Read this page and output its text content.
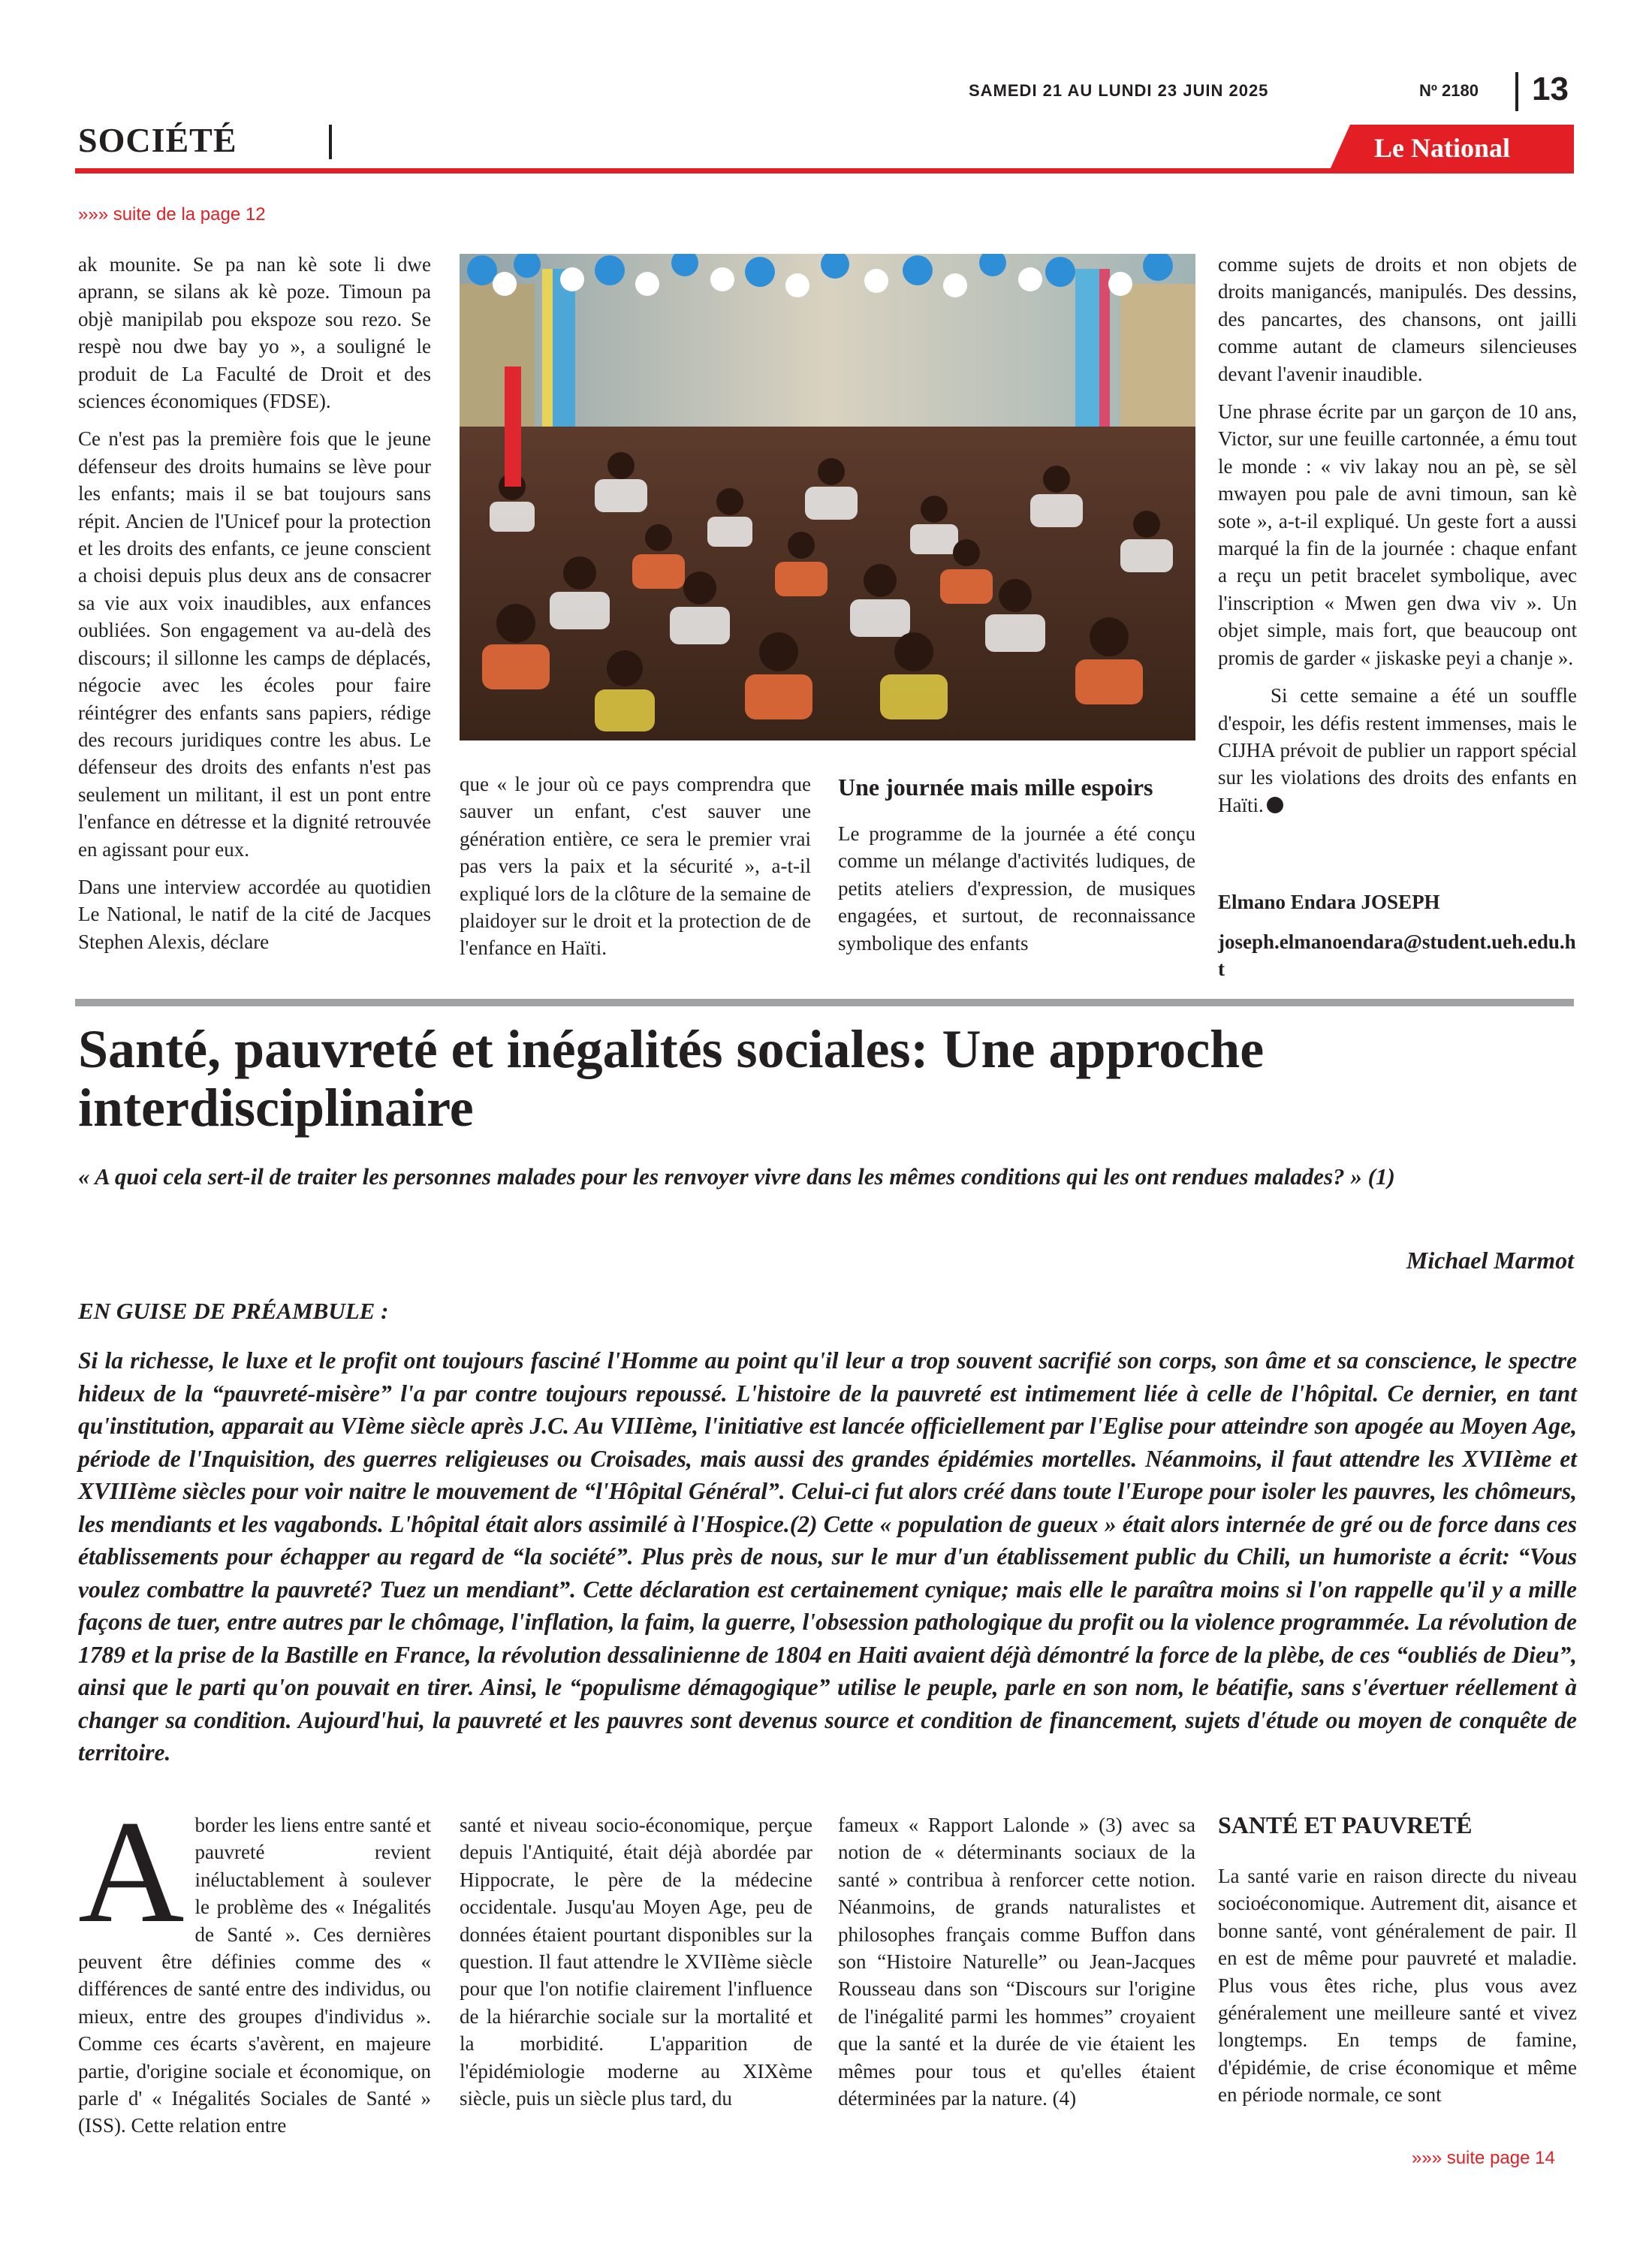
SAMEDI 21 AU LUNDI 23 JUIN 2025	Nº 2180 13
SOCIÉTÉ	Le National
»»» suite de la page 12

ak mounite. Se pa nan kè sote li dwe aprann, se silans ak kè poze. Timoun pa objè manipilab pou ekspoze sou rezo. Se respè nou dwe bay yo », a souligné le produit de La Faculté de Droit et des sciences économiques (FDSE).

Ce n'est pas la première fois que le jeune défenseur des droits humains se lève pour les enfants; mais il se bat toujours sans répit. Ancien de l'Unicef pour la protection et les droits des enfants, ce jeune conscient a choisi depuis plus deux ans de consacrer sa vie aux voix inaudibles, aux enfances oubliées. Son engagement va au-delà des discours; il sillonne les camps de déplacés, négocie avec les écoles pour faire réintégrer des enfants sans papiers, rédige des recours juridiques contre les abus. Le défenseur des droits des enfants n'est pas seulement un militant, il est un pont entre l'enfance en détresse et la dignité retrouvée en agissant pour eux.

Dans une interview accordée au quotidien Le National, le natif de la cité de Jacques Stephen Alexis, déclare

que « le jour où ce pays comprendra que sauver un enfant, c'est sauver une génération entière, ce sera le premier vrai pas vers la paix et la sécurité », a-t-il expliqué lors de la clôture de la semaine de plaidoyer sur le droit et la protection de de l'enfance en Haïti.

Une journée mais mille espoirs

Le programme de la journée a été conçu comme un mélange d'activités ludiques, de petits ateliers d'expression, de musiques engagées, et surtout, de reconnaissance symbolique des enfants

comme sujets de droits et non objets de droits manigancés, manipulés. Des dessins, des pancartes, des chansons, ont jailli comme autant de clameurs silencieuses devant l'avenir inaudible.

Une phrase écrite par un garçon de 10 ans, Victor, sur une feuille cartonnée, a ému tout le monde : « viv lakay nou an pè, se sèl mwayen pou pale de avni timoun, san kè sote », a-t-il expliqué. Un geste fort a aussi marqué la fin de la journée : chaque enfant a reçu un petit bracelet symbolique, avec l'inscription « Mwen gen dwa viv ». Un objet simple, mais fort, que beaucoup ont promis de garder « jiskaske peyi a chanje ».

Si cette semaine a été un souffle d'espoir, les défis restent immenses, mais le CIJHA prévoit de publier un rapport spécial sur les violations des droits des enfants en Haïti.

Elmano Endara JOSEPH
joseph.elmanoendara@student.ueh.edu.ht
Santé, pauvreté et inégalités sociales: Une approche interdisciplinaire
« A quoi cela sert-il de traiter les personnes malades pour les renvoyer vivre dans les mêmes conditions qui les ont rendues malades? » (1)
Michael Marmot
EN GUISE DE PRÉAMBULE :
Si la richesse, le luxe et le profit ont toujours fasciné l'Homme au point qu'il leur a trop souvent sacrifié son corps, son âme et sa conscience, le spectre hideux de la “pauvreté-misère” l'a par contre toujours repoussé. L'histoire de la pauvreté est intimement liée à celle de l'hôpital. Ce dernier, en tant qu'institution, apparait au VIème siècle après J.C. Au VIIIème, l'initiative est lancée officiellement par l'Eglise pour atteindre son apogée au Moyen Age, période de l'Inquisition, des guerres religieuses ou Croisades, mais aussi des grandes épidémies mortelles. Néanmoins, il faut attendre les XVIIème et XVIIIème siècles pour voir naitre le mouvement de “l'Hôpital Général”. Celui-ci fut alors créé dans toute l'Europe pour isoler les pauvres, les chômeurs, les mendiants et les vagabonds. L'hôpital était alors assimilé à l'Hospice.(2) Cette « population de gueux » était alors internée de gré ou de force dans ces établissements pour échapper au regard de “la société”. Plus près de nous, sur le mur d'un établissement public du Chili, un humoriste a écrit: “Vous voulez combattre la pauvreté? Tuez un mendiant”. Cette déclaration est certainement cynique; mais elle le paraîtra moins si l'on rappelle qu'il y a mille façons de tuer, entre autres par le chômage, l'inflation, la faim, la guerre, l'obsession pathologique du profit ou la violence programmée. La révolution de 1789 et la prise de la Bastille en France, la révolution dessalinienne de 1804 en Haiti avaient déjà démontré la force de la plèbe, de ces “oubliés de Dieu”, ainsi que le parti qu'on pouvait en tirer. Ainsi, le “populisme démagogique” utilise le peuple, parle en son nom, le béatifie, sans s'évertuer réellement à changer sa condition. Aujourd'hui, la pauvreté et les pauvres sont devenus source et condition de financement, sujets d'étude ou moyen de conquête de territoire.
A border les liens entre santé et pauvreté revient inéluctablement à soulever le problème des « Inégalités de Santé ». Ces dernières peuvent être définies comme des « différences de santé entre des individus, ou mieux, entre des groupes d'individus ». Comme ces écarts s'avèrent, en majeure partie, d'origine sociale et économique, on parle d' « Inégalités Sociales de Santé » (ISS). Cette relation entre
santé et niveau socio-économique, perçue depuis l'Antiquité, était déjà abordée par Hippocrate, le père de la médecine occidentale. Jusqu'au Moyen Age, peu de données étaient pourtant disponibles sur la question. Il faut attendre le XVIIème siècle pour que l'on notifie clairement l'influence de la hiérarchie sociale sur la mortalité et la morbidité. L'apparition de l'épidémiologie moderne au XIXème siècle, puis un siècle plus tard, du
fameux « Rapport Lalonde » (3) avec sa notion de « déterminants sociaux de la santé » contribua à renforcer cette notion. Néanmoins, de grands naturalistes et philosophes français comme Buffon dans son “Histoire Naturelle” ou Jean-Jacques Rousseau dans son “Discours sur l'origine de l'inégalité parmi les hommes” croyaient que la santé et la durée de vie étaient les mêmes pour tous et qu'elles étaient déterminées par la nature. (4)
SANTÉ ET PAUVRETÉ
La santé varie en raison directe du niveau socioéconomique. Autrement dit, aisance et bonne santé, vont généralement de pair. Il en est de même pour pauvreté et maladie. Plus vous êtes riche, plus vous avez généralement une meilleure santé et vivez longtemps. En temps de famine, d'épidémie, de crise économique et même en période normale, ce sont
»»» suite page 14
